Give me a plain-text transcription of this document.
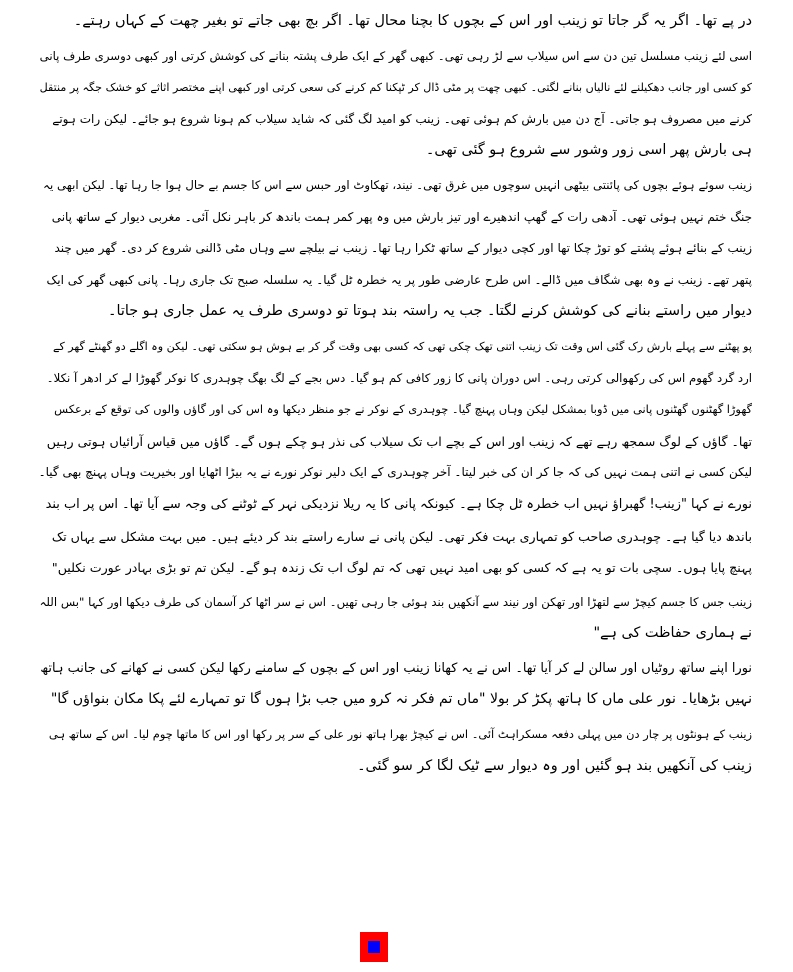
در پے تھا۔ اگر یہ گر جاتا تو زینب اور اس کے بچوں کا بچنا محال تھا۔ اگر بچ بھی جاتے تو بغیر چھت کے کہاں رہتے۔
اسی لئے زینب مسلسل تین دن سے اس سیلاب سے لڑ رہی تھی۔ کبھی گھر کے ایک طرف پشتہ بنانے کی کوشش کرتی اور کبھی دوسری طرف پانی
کو کسی اور جانب دھکیلنے لئے نالیاں بنانے لگتی۔ کبھی چھت پر مٹی ڈال کر ٹپکنا کم کرنے کی سعی کرتی اور کبھی اپنے مختصر اثاثے کو خشک جگہ پر منتقل
کرنے میں مصروف ہو جاتی۔ آج دن میں بارش کم ہوئی تھی۔ زینب کو امید لگ گئی کہ شاید سیلاب کم ہونا شروع ہو جائے۔ لیکن رات ہوتے
ہی بارش پھر اسی زور وشور سے شروع ہو گئی تھی۔
زینب سوئے ہوئے بچوں کی پائنتی بیٹھی انہیں سوچوں میں غرق تھی۔ نیند، تھکاوٹ اور حبس سے اس کا جسم بے حال ہوا جا رہا تھا۔ لیکن ابھی یہ
جنگ ختم نہیں ہوئی تھی۔ آدھی رات کے گھپ اندھیرے اور تیز بارش میں وہ پھر کمر ہمت باندھ کر باہر نکل آئی۔ مغربی دیوار کے ساتھ پانی
زینب کے بنائے ہوئے پشتے کو توڑ چکا تھا اور کچی دیوار کے ساتھ ٹکرا رہا تھا۔ زینب نے بیلچے سے وہاں مٹی ڈالنی شروع کر دی۔ گھر میں چند
پتھر تھے۔ زینب نے وہ بھی شگاف میں ڈالے۔ اس طرح عارضی طور پر یہ خطرہ ٹل گیا۔ یہ سلسلہ صبح تک جاری رہا۔ پانی کبھی گھر کی ایک
دیوار میں راستے بنانے کی کوشش کرنے لگتا۔ جب یہ راستہ بند ہوتا تو دوسری طرف یہ عمل جاری ہو جاتا۔
پو پھٹنے سے پہلے بارش رک گئی اس وقت تک زینب اتنی تھک چکی تھی کہ کسی بھی وقت گر کر بے ہوش ہو سکتی تھی۔ لیکن وہ اگلے دو گھنٹے گھر کے
ارد گرد گھوم اس کی رکھوالی کرتی رہی۔ اس دوران پانی کا زور کافی کم ہو گیا۔ دس بجے کے لگ بھگ چوہدری کا نوکر گھوڑا لے کر ادھر آ نکلا۔
گھوڑا گھٹنوں گھٹنوں پانی میں ڈوبا بمشکل لیکن وہاں پہنچ گیا۔ چوہدری کے نوکر نے جو منظر دیکھا وہ اس کی اور گاؤں والوں کی توقع کے برعکس
تھا۔ گاؤں کے لوگ سمجھ رہے تھے کہ زینب اور اس کے بچے اب تک سیلاب کی نذر ہو چکے ہوں گے۔ گاؤں میں قیاس آرائیاں ہوتی رہیں
لیکن کسی نے اتنی ہمت نہیں کی کہ جا کر ان کی خبر لیتا۔ آخر چوہدری کے ایک دلیر نوکر نورے نے یہ بیڑا اٹھایا اور بخیریت وہاں پہنچ بھی گیا۔
نورے نے کہا "زینب! گھبراؤ نہیں اب خطرہ ٹل چکا ہے۔ کیونکہ پانی کا یہ ریلا نزدیکی نہر کے ٹوٹنے کی وجہ سے آیا تھا۔ اس پر اب بند
باندھ دیا گیا ہے۔ چوہدری صاحب کو تمہاری بہت فکر تھی۔ لیکن پانی نے سارے راستے بند کر دیئے ہیں۔ میں بہت مشکل سے یہاں تک
پہنچ پایا ہوں۔ سچی بات تو یہ ہے کہ کسی کو بھی امید نہیں تھی کہ تم لوگ اب تک زندہ ہو گے۔ لیکن تم تو بڑی بہادر عورت نکلیں"
زینب جس کا جسم کیچڑ سے لتھڑا اور تھکن اور نیند سے آنکھیں بند ہوئی جا رہی تھیں۔ اس نے سر اٹھا کر آسمان کی طرف دیکھا اور کہا "بس اللہ
نے ہماری حفاظت کی ہے"
نورا اپنے ساتھ روٹیاں اور سالن لے کر آیا تھا۔ اس نے یہ کھانا زینب اور اس کے بچوں کے سامنے رکھا لیکن کسی نے کھانے کی جانب ہاتھ
نہیں بڑھایا۔ نور علی ماں کا ہاتھ پکڑ کر بولا "ماں تم فکر نہ کرو میں جب بڑا ہوں گا تو تمہارے لئے پکا مکان بنواؤں گا"
زینب کے ہونٹوں پر چار دن میں پہلی دفعہ مسکراہٹ آئی۔ اس نے کیچڑ بھرا ہاتھ نور علی کے سر پر رکھا اور اس کا ماتھا چوم لیا۔ اس کے ساتھ ہی
زینب کی آنکھیں بند ہو گئیں اور وہ دیوار سے ٹیک لگا کر سو گئی۔
